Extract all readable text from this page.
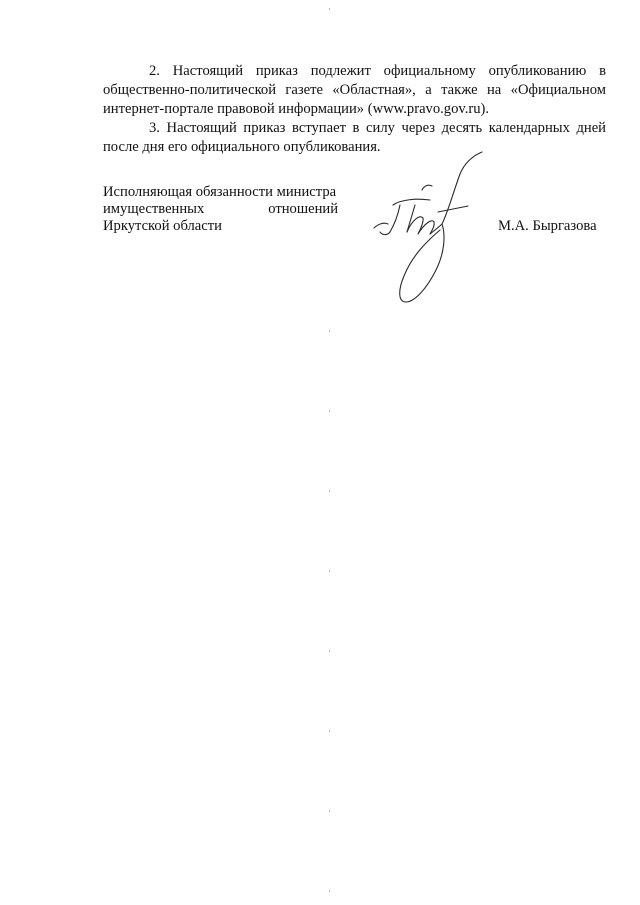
2. Настоящий приказ подлежит официальному опубликованию в общественно-политической газете «Областная», а также на «Официальном интернет-портале правовой информации» (www.pravo.gov.ru).

3. Настоящий приказ вступает в силу через десять календарных дней после дня его официального опубликования.

Исполняющая обязанности министра
имущественных	отношений
Иркутской области	М.А. Быргазова
